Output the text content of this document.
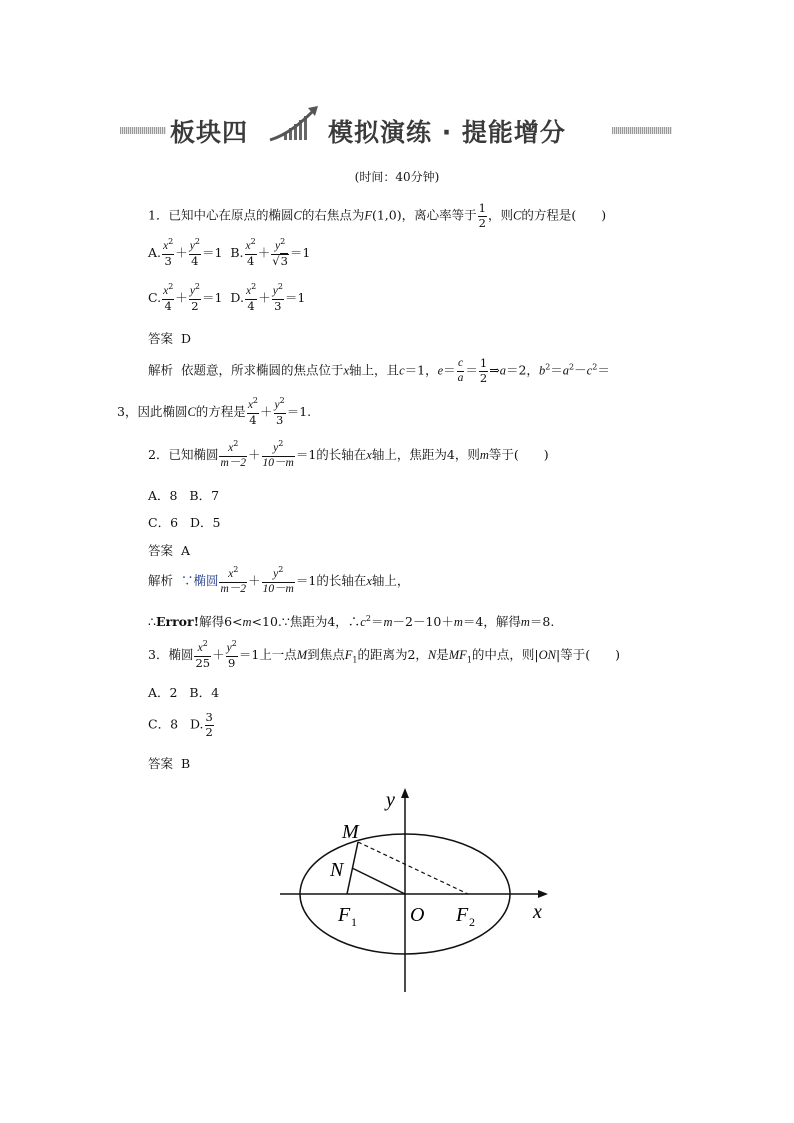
板块四	模拟演练 · 提能增分
(时间：40分钟)
1．已知中心在原点的椭圆C的右焦点为F(1,0)，离心率等于 $\frac{1}{2}$ ，则C的方程是(　　)
A. $\frac{x^2}{3} + \frac{y^2}{4} =1$ B. $\frac{x^2}{4} + \frac{y^2}{√3} =1$
C. $\frac{x^2}{4} + \frac{y^2}{2} =1$ D. $\frac{x^2}{4} + \frac{y^2}{3} =1$
答案 D
解析 依题意，所求椭圆的焦点位于x轴上，且c＝1，$e= \frac{c}{a} = \frac{1}{2}$ ⇒a＝2，$b^2=a^2-c^2=$
3，因此椭圆C的方程是 $\frac{x^2}{4} + \frac{y^2}{3} =1$.
2．已知椭圆 $\frac{x^2}{m-2} + \frac{y^2}{10-m} =1$的长轴在x轴上，焦距为4，则m等于(　　)
A．8 B．7
C．6 D．5
答案 A
解析 ∵椭圆 $\frac{x^2}{m-2} + \frac{y^2}{10-m} =1$的长轴在x轴上，
∴Error!解得6<m<10.∵焦距为4，$\therefore c^2=m-2-10+m=4$，解得m＝8.
3．椭圆 $\frac{x^2}{25} + \frac{y^2}{9} =1$上一点M到焦点$F_1$的距离为2，N是$MF_1$的中点，则|ON|等于(　　)
A．2 B．4
C．8 D. $\frac{3}{2}$
答案 B
y
x
M
N
O
F 1	F 2
